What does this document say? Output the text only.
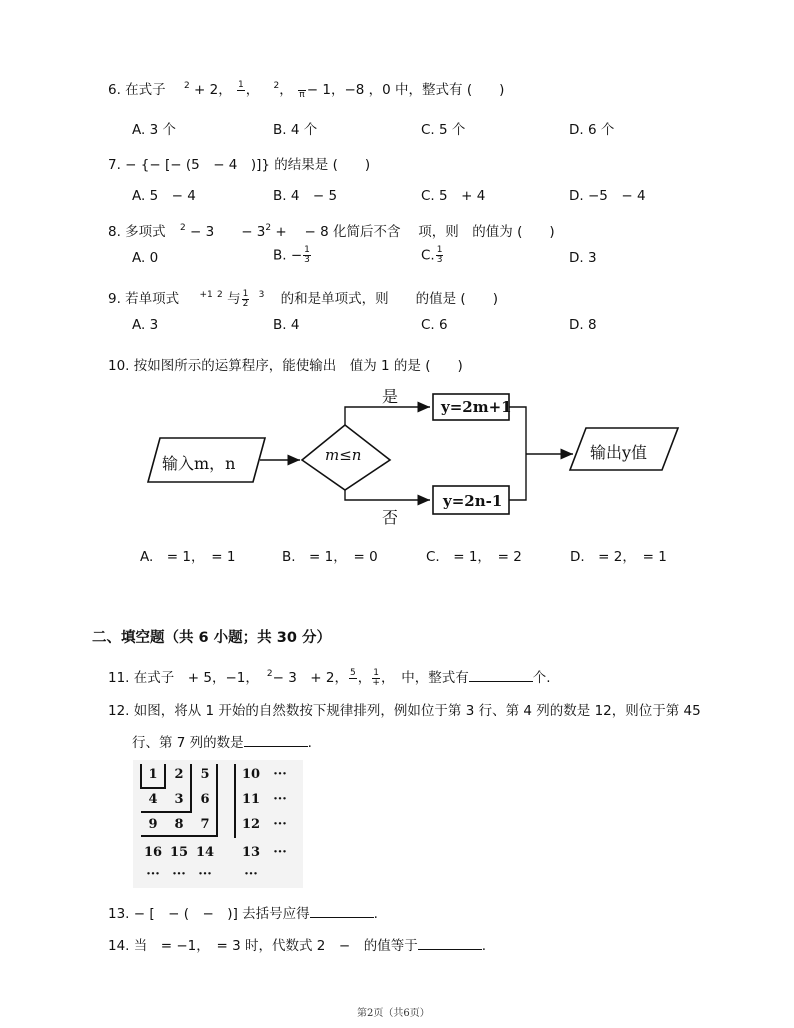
6. 在式子 $^2$ + 2， 1
， $^2$，
π − 1，−8 ，0 中，整式有 (　　)
A. 3 个	B. 4 个	C. 5 个	D. 6 个
7. − {− [− (5　− 4　)]} 的结果是 (　　)
A. 5　− 4	B. 4　− 5	C. 5　+ 4	D. −5　− 4
8. 多项式 $^2$ − 3　　− $3^2$ + 　− 8 化简后不含　 项，则　的值为 (　　)
A. 0	B. − $\frac{1}{3}$	C. $\frac{1}{3}$	D. 3
9. 若单项式 $^{+1}$ $^2$ 与 $\frac{1}{2} ^3$ 的和是单项式，则　　的值是 (　　)
A. 3	B. 4	C. 6	D. 8
10. 按如图所示的运算程序，能使输出　值为 1 的是 (　　)
输入m，n	m≤n
是
否
y=2m+1
y=2n-1
输出y值
A.　= 1，　= 1	B.　= 1，　= 0	C.　= 1，　= 2	D.　= 2，　= 1
二、填空题（共 6 小题；共 30 分）
11. 在式子　+ 5，−1， $^2$− 3　+ 2， 5
， $\frac{1}{+}$ ，　中，整式有	个.
12. 如图，将从 1 开始的自然数按下规律排列，例如位于第 3 行、第 4 列的数是 12，则位于第 45
行、第 7 列的数是	.
1	2	5	10	···
4	3	6	11	···
9	8	7	12	···
16 15 14	13	···
··· ··· ···	···
13. − [　− (　−　)] 去括号应得	.
14. 当　= −1，　= 3 时，代数式 2　−　的值等于	.
第2页（共6页）
